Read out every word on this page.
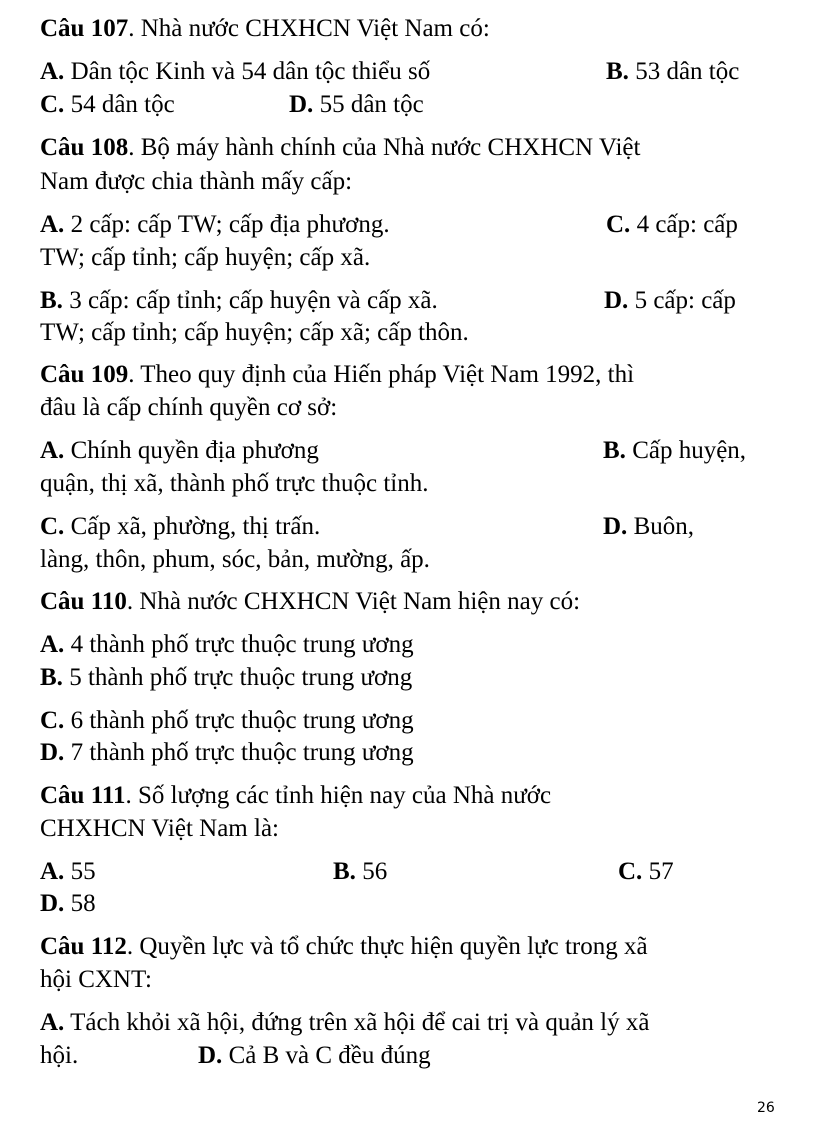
Câu 107. Nhà nước CHXHCN Việt Nam có:
A. Dân tộc Kinh và 54 dân tộc thiểu số	B. 53 dân tộc
C. 54 dân tộc	D. 55 dân tộc
Câu 108. Bộ máy hành chính của Nhà nước CHXHCN Việt
Nam được chia thành mấy cấp:
A. 2 cấp: cấp TW; cấp địa phương.	C. 4 cấp: cấp
TW; cấp tỉnh; cấp huyện; cấp xã.
B. 3 cấp: cấp tỉnh; cấp huyện và cấp xã.	D. 5 cấp: cấp
TW; cấp tỉnh; cấp huyện; cấp xã; cấp thôn.
Câu 109. Theo quy định của Hiến pháp Việt Nam 1992, thì
đâu là cấp chính quyền cơ sở:
A. Chính quyền địa phương	B. Cấp huyện,
quận, thị xã, thành phố trực thuộc tỉnh.
C. Cấp xã, phường, thị trấn.	D. Buôn,
làng, thôn, phum, sóc, bản, mường, ấp.
Câu 110. Nhà nước CHXHCN Việt Nam hiện nay có:
A. 4 thành phố trực thuộc trung ương
B. 5 thành phố trực thuộc trung ương
C. 6 thành phố trực thuộc trung ương
D. 7 thành phố trực thuộc trung ương
Câu 111. Số lượng các tỉnh hiện nay của Nhà nước
CHXHCN Việt Nam là:
A. 55	B. 56	C. 57
D. 58
Câu 112. Quyền lực và tổ chức thực hiện quyền lực trong xã
hội CXNT:
A. Tách khỏi xã hội, đứng trên xã hội để cai trị và quản lý xã
hội.	D. Cả B và C đều đúng
26
